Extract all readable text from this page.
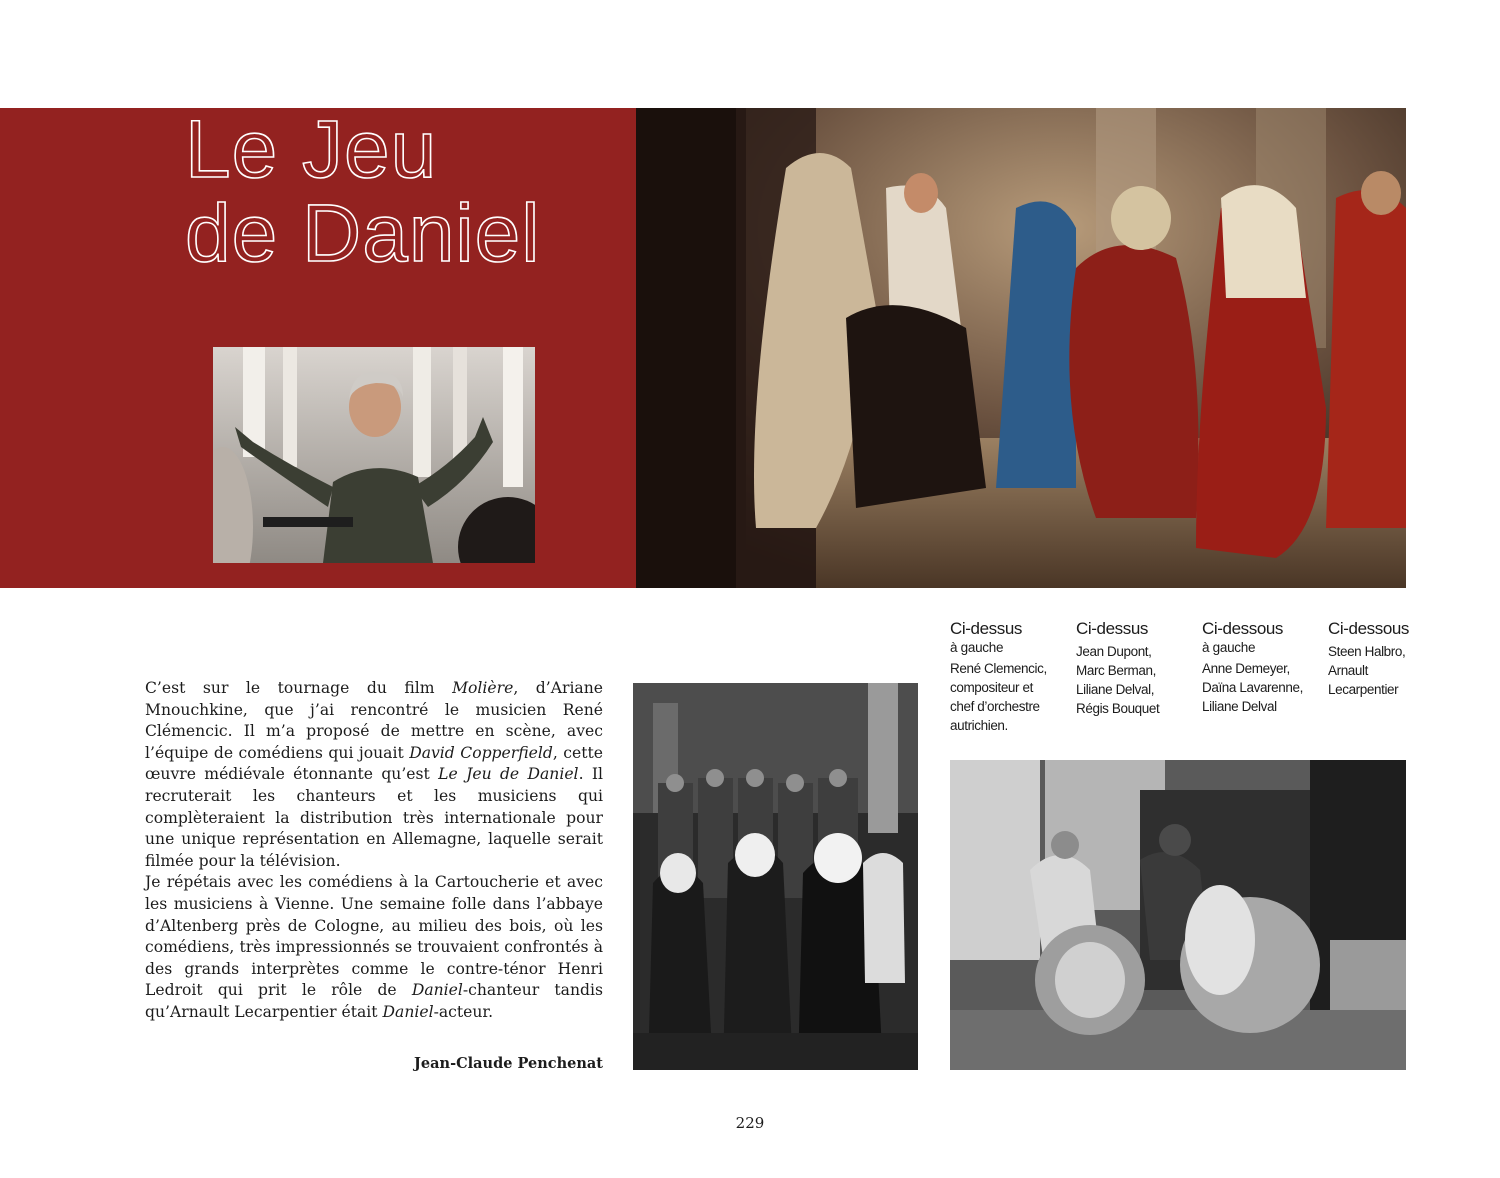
Le Jeu
de Daniel

C’est sur le tournage du film Molière, d’Ariane Mnouchkine, que j’ai rencontré le musicien René Clémencic. Il m’a proposé de mettre en scène, avec l’équipe de comédiens qui jouait David Copperfield, cette œuvre médiévale étonnante qu’est Le Jeu de Daniel. Il recruterait les chanteurs et les musiciens qui complèteraient la distribution très internationale pour une unique représentation en Allemagne, laquelle serait filmée pour la télévision.

Je répétais avec les comédiens à la Cartoucherie et avec les musiciens à Vienne. Une semaine folle dans l’abbaye d’Altenberg près de Cologne, au milieu des bois, où les comédiens, très impressionnés se trouvaient confrontés à des grands interprètes comme le contre-ténor Henri Ledroit qui prit le rôle de Daniel-chanteur tandis qu’Arnault Lecarpentier était Daniel-acteur.

Jean-Claude Penchenat
Ci-dessus
à gauche
René Clemencic,
compositeur et
chef d’orchestre
autrichien.
Ci-dessus
Jean Dupont,
Marc Berman,
Liliane Delval,
Régis Bouquet
Ci-dessous
à gauche
Anne Demeyer,
Daïna Lavarenne,
Liliane Delval
Ci-dessous
Steen Halbro,
Arnault
Lecarpentier
229
